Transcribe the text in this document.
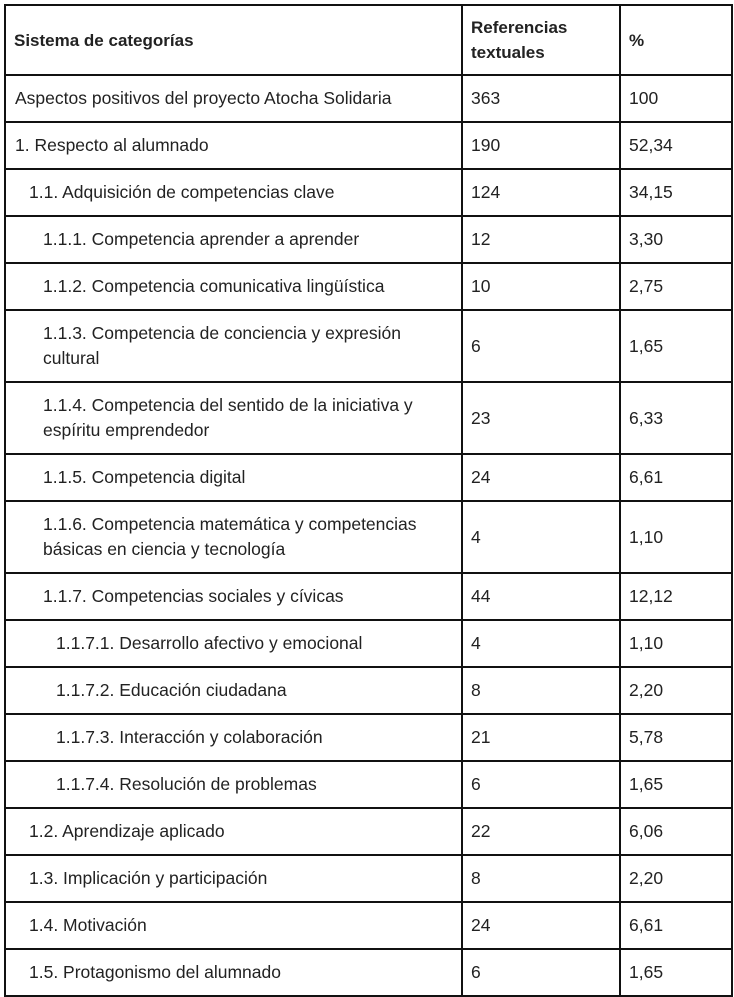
Sistema de categorías	Referencias textuales	%
Aspectos positivos del proyecto Atocha Solidaria	363	100
1. Respecto al alumnado	190	52,34
1.1. Adquisición de competencias clave	124	34,15
1.1.1. Competencia aprender a aprender	12	3,30
1.1.2. Competencia comunicativa lingüística	10	2,75
1.1.3. Competencia de conciencia y expresión cultural	6	1,65
1.1.4. Competencia del sentido de la iniciativa y espíritu emprendedor	23	6,33
1.1.5. Competencia digital	24	6,61
1.1.6. Competencia matemática y competencias básicas en ciencia y tecnología	4	1,10
1.1.7. Competencias sociales y cívicas	44	12,12
1.1.7.1. Desarrollo afectivo y emocional	4	1,10
1.1.7.2. Educación ciudadana	8	2,20
1.1.7.3. Interacción y colaboración	21	5,78
1.1.7.4. Resolución de problemas	6	1,65
1.2. Aprendizaje aplicado	22	6,06
1.3. Implicación y participación	8	2,20
1.4. Motivación	24	6,61
1.5. Protagonismo del alumnado	6	1,65
